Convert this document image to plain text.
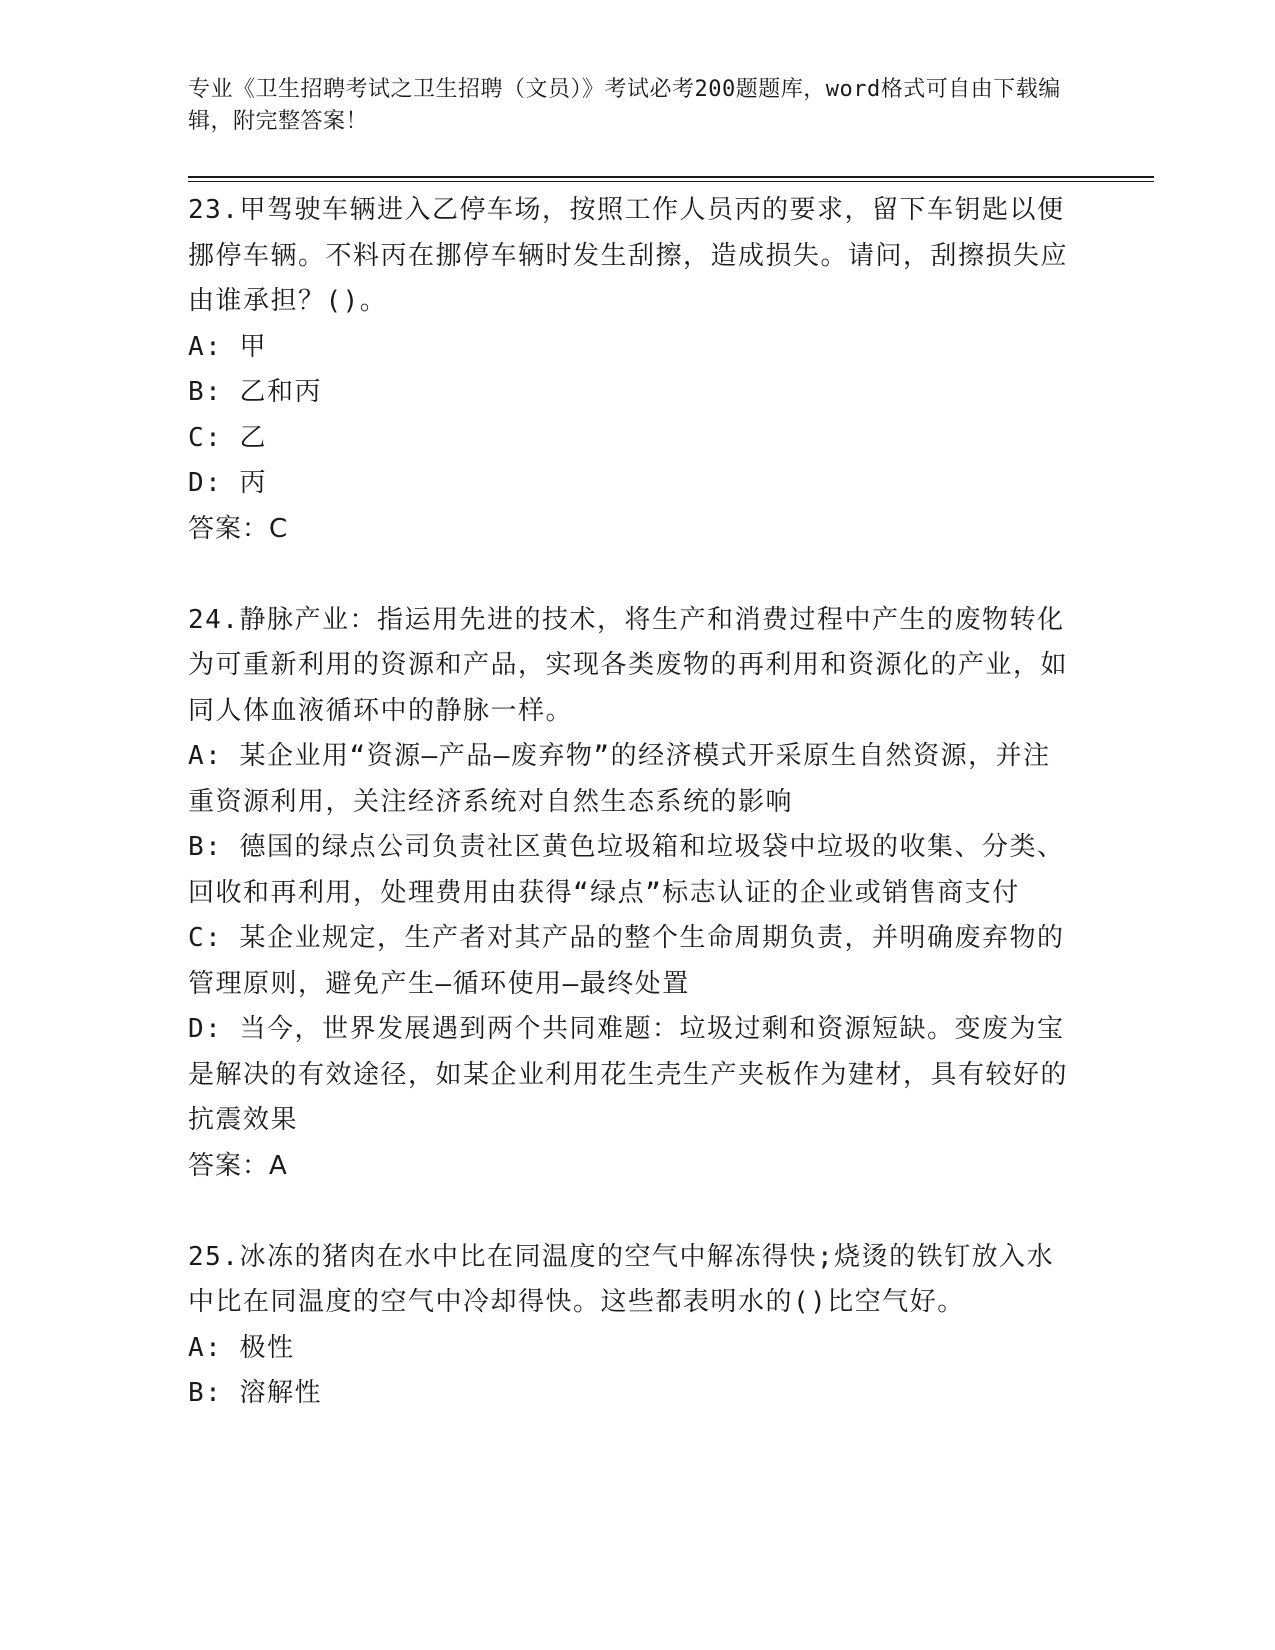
专业《卫生招聘考试之卫生招聘（文员）》考试必考200题题库，word格式可自由下载编辑，附完整答案！

23.甲驾驶车辆进入乙停车场，按照工作人员丙的要求，留下车钥匙以便挪停车辆。不料丙在挪停车辆时发生刮擦，造成损失。请问，刮擦损失应由谁承担？()。

A: 甲
B: 乙和丙
C: 乙
D: 丙

答案：C

24.静脉产业：指运用先进的技术，将生产和消费过程中产生的废物转化为可重新利用的资源和产品，实现各类废物的再利用和资源化的产业，如同人体血液循环中的静脉一样。

A: 某企业用“资源—产品—废弃物”的经济模式开采原生自然资源，并注重资源利用，关注经济系统对自然生态系统的影响
B: 德国的绿点公司负责社区黄色垃圾箱和垃圾袋中垃圾的收集、分类、回收和再利用，处理费用由获得“绿点”标志认证的企业或销售商支付
C: 某企业规定，生产者对其产品的整个生命周期负责，并明确废弃物的管理原则，避免产生—循环使用—最终处置
D: 当今，世界发展遇到两个共同难题：垃圾过剩和资源短缺。变废为宝是解决的有效途径，如某企业利用花生壳生产夹板作为建材，具有较好的抗震效果

答案：A

25.冰冻的猪肉在水中比在同温度的空气中解冻得快;烧烫的铁钉放入水中比在同温度的空气中冷却得快。这些都表明水的()比空气好。

A: 极性
B: 溶解性
